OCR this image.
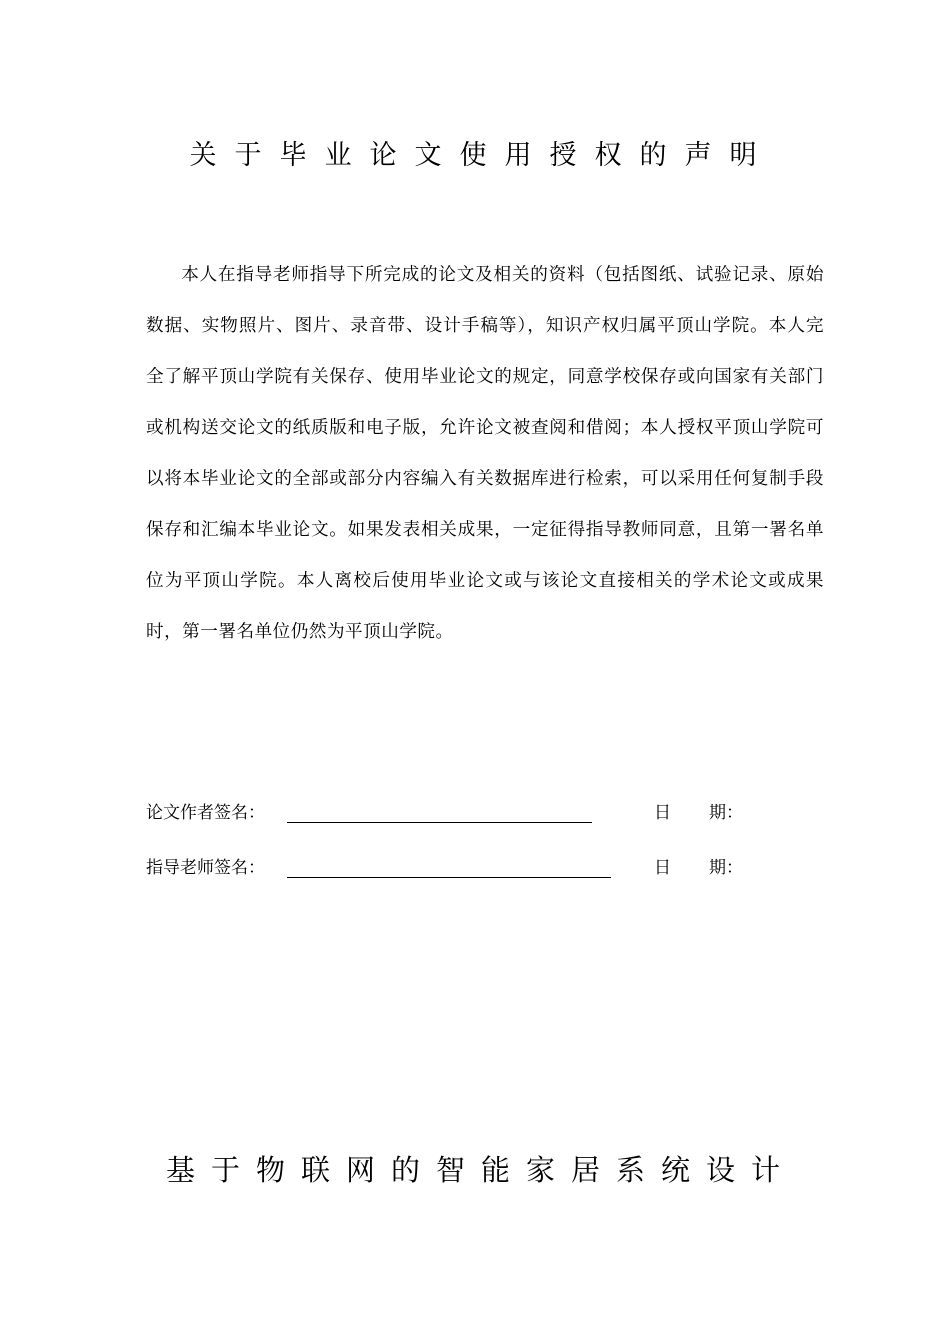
关于毕业论文使用授权的声明

本人在指导老师指导下所完成的论文及相关的资料（包括图纸、试验记录、原始数据、实物照片、图片、录音带、设计手稿等），知识产权归属平顶山学院。本人完全了解平顶山学院有关保存、使用毕业论文的规定，同意学校保存或向国家有关部门或机构送交论文的纸质版和电子版，允许论文被查阅和借阅；本人授权平顶山学院可以将本毕业论文的全部或部分内容编入有关数据库进行检索，可以采用任何复制手段保存和汇编本毕业论文。如果发表相关成果，一定征得指导教师同意，且第一署名单位为平顶山学院。本人离校后使用毕业论文或与该论文直接相关的学术论文或成果时，第一署名单位仍然为平顶山学院。

论文作者签名：	日 期：
指导老师签名：	日 期：
基于物联网的智能家居系统设计
